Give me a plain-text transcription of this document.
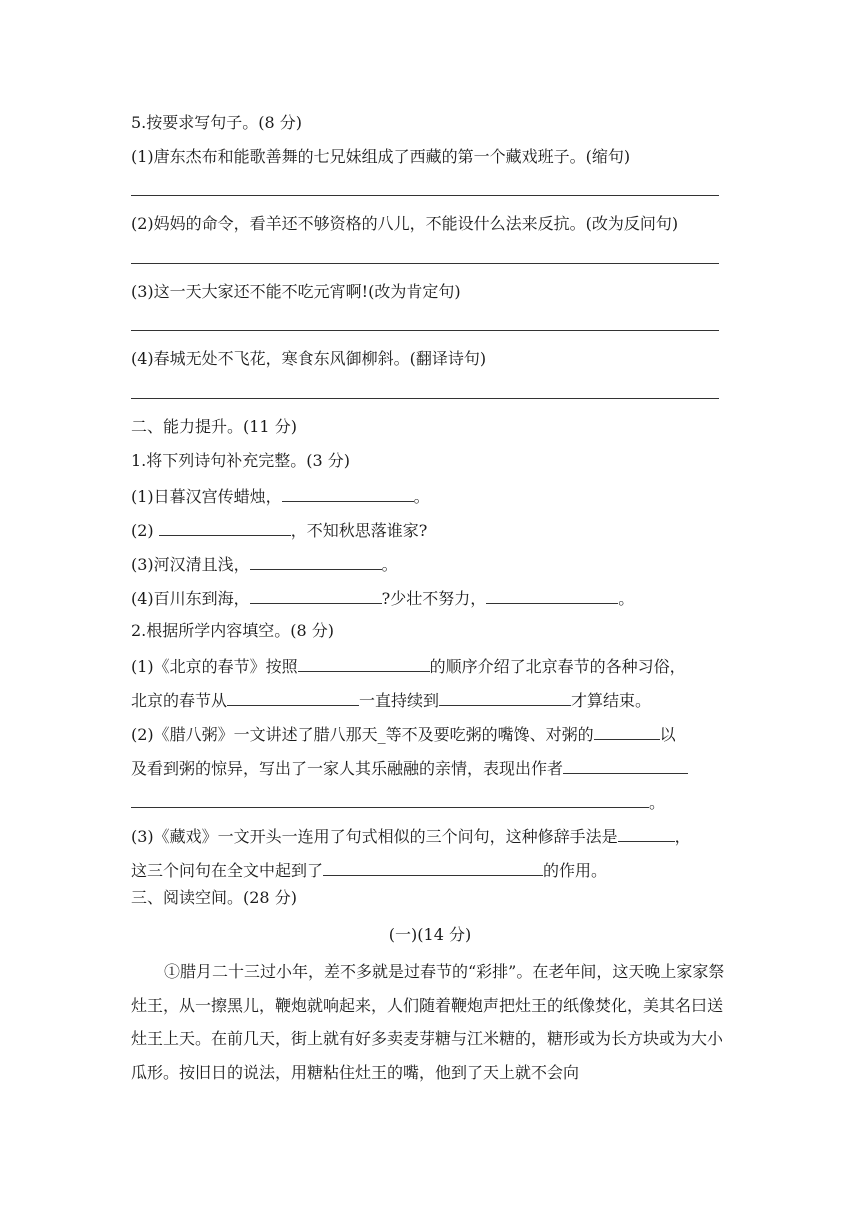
5.按要求写句子。(8 分)
(1)唐东杰布和能歌善舞的七兄妹组成了西藏的第一个藏戏班子。(缩句)
(2)妈妈的命令，看羊还不够资格的八儿，不能设什么法来反抗。(改为反问句)
(3)这一天大家还不能不吃元宵啊!(改为肯定句)
(4)春城无处不飞花，寒食东风御柳斜。(翻译诗句)
二、能力提升。(11 分)
1.将下列诗句补充完整。(3 分)
(1)日暮汉宫传蜡烛，	。
(2)	，不知秋思落谁家?
(3)河汉清且浅，	。
(4)百川东到海，	?少壮不努力，	。
2.根据所学内容填空。(8 分)
(1)《北京的春节》按照	的顺序介绍了北京春节的各种习俗，
北京的春节从	一直持续到	才算结束。
(2)《腊八粥》一文讲述了腊八那天_等不及要吃粥的嘴馋、对粥的	以
及看到粥的惊异，写出了一家人其乐融融的亲情，表现出作者
。
(3)《藏戏》一文开头一连用了句式相似的三个问句，这种修辞手法是	，
这三个问句在全文中起到了	的作用。
三、阅读空间。(28 分)
(一)(14 分)
①腊月二十三过小年，差不多就是过春节的“彩排”。在老年间，这天晚上家家祭灶王，从一擦黑儿，鞭炮就响起来，人们随着鞭炮声把灶王的纸像焚化，美其名曰送灶王上天。在前几天，街上就有好多卖麦芽糖与江米糖的，糖形或为长方块或为大小瓜形。按旧日的说法，用糖粘住灶王的嘴，他到了天上就不会向
